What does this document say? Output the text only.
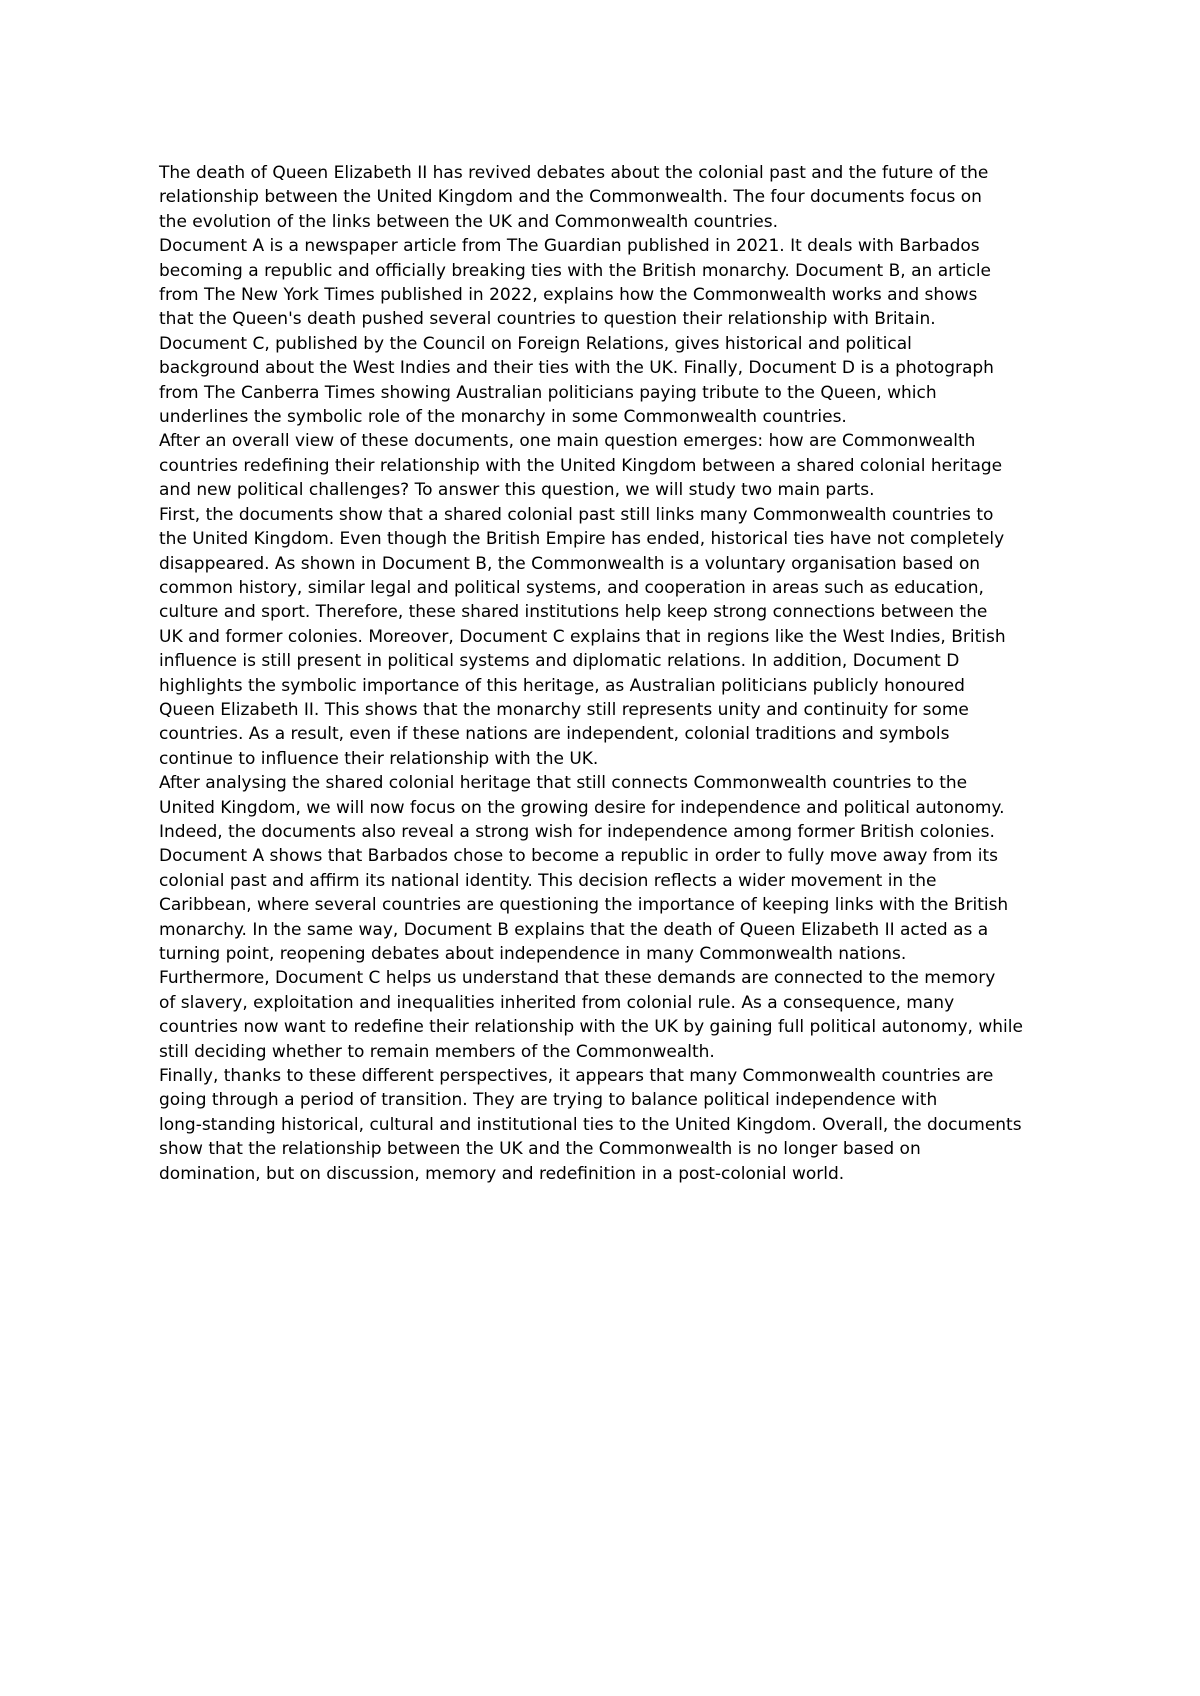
The death of Queen Elizabeth II has revived debates about the colonial past and the future of the
relationship between the United Kingdom and the Commonwealth. The four documents focus on
the evolution of the links between the UK and Commonwealth countries.
Document A is a newspaper article from The Guardian published in 2021. It deals with Barbados
becoming a republic and officially breaking ties with the British monarchy. Document B, an article
from The New York Times published in 2022, explains how the Commonwealth works and shows
that the Queen's death pushed several countries to question their relationship with Britain.
Document C, published by the Council on Foreign Relations, gives historical and political
background about the West Indies and their ties with the UK. Finally, Document D is a photograph
from The Canberra Times showing Australian politicians paying tribute to the Queen, which
underlines the symbolic role of the monarchy in some Commonwealth countries.
After an overall view of these documents, one main question emerges: how are Commonwealth
countries redefining their relationship with the United Kingdom between a shared colonial heritage
and new political challenges? To answer this question, we will study two main parts.
First, the documents show that a shared colonial past still links many Commonwealth countries to
the United Kingdom. Even though the British Empire has ended, historical ties have not completely
disappeared. As shown in Document B, the Commonwealth is a voluntary organisation based on
common history, similar legal and political systems, and cooperation in areas such as education,
culture and sport. Therefore, these shared institutions help keep strong connections between the
UK and former colonies. Moreover, Document C explains that in regions like the West Indies, British
influence is still present in political systems and diplomatic relations. In addition, Document D
highlights the symbolic importance of this heritage, as Australian politicians publicly honoured
Queen Elizabeth II. This shows that the monarchy still represents unity and continuity for some
countries. As a result, even if these nations are independent, colonial traditions and symbols
continue to influence their relationship with the UK.
After analysing the shared colonial heritage that still connects Commonwealth countries to the
United Kingdom, we will now focus on the growing desire for independence and political autonomy.
Indeed, the documents also reveal a strong wish for independence among former British colonies.
Document A shows that Barbados chose to become a republic in order to fully move away from its
colonial past and affirm its national identity. This decision reflects a wider movement in the
Caribbean, where several countries are questioning the importance of keeping links with the British
monarchy. In the same way, Document B explains that the death of Queen Elizabeth II acted as a
turning point, reopening debates about independence in many Commonwealth nations.
Furthermore, Document C helps us understand that these demands are connected to the memory
of slavery, exploitation and inequalities inherited from colonial rule. As a consequence, many
countries now want to redefine their relationship with the UK by gaining full political autonomy, while
still deciding whether to remain members of the Commonwealth.
Finally, thanks to these different perspectives, it appears that many Commonwealth countries are
going through a period of transition. They are trying to balance political independence with
long-standing historical, cultural and institutional ties to the United Kingdom. Overall, the documents
show that the relationship between the UK and the Commonwealth is no longer based on
domination, but on discussion, memory and redefinition in a post-colonial world.
